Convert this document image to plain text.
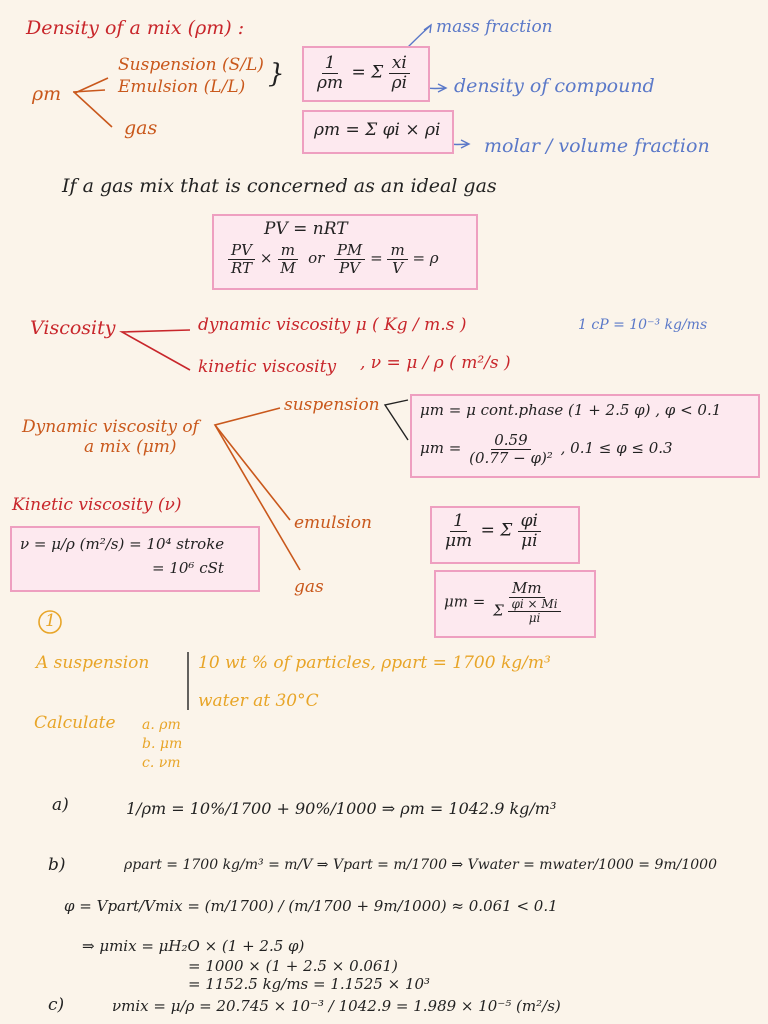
Density of a mix (ρm) :
ρm
Suspension (S/L)
Emulsion (L/L) }
gas
$\frac{1}{\rho m} = \Sigma \frac{xi}{\rho i}$
ρm = Σ φi × ρi
mass fraction
density of compound
molar / volume fraction
If a gas mix that is concerned as an ideal gas
PV = nRT
$\frac{PV}{RT} \times \frac{m}{M}$ or $\frac{PM}{PV} = \frac{m}{V} = \rho$
Viscosity	dynamic viscosity μ ( Kg / m.s )
kinetic viscosity , ν = μ / ρ ( m²/s )
1 cP = 10⁻³ kg/ms
Dynamic viscosity of
a mix (μm)
suspension	μm = μ cont.phase (1 + 2.5 φ) , φ < 0.1
$\mu m = \frac{0.59}{\text{(0.77 − φ)²}}$ , 0.1 ≤ φ ≤ 0.3
emulsion	$\frac{1}{\mu m} = \Sigma \frac{\varphi i}{\mu i}$
gas
$\mu m = \frac{Mm}{\Sigma \frac{\varphi i \times Mi}{\mu i}}$
Kinetic viscosity (ν)
ν = μ/ρ (m²/s) = 10⁴ stroke
= 10⁶ cSt
1
A suspension	10 wt % of particles, ρpart = 1700 kg/m³
water at 30°C
Calculate a. ρm
b. μm
c. νm
a)	1/ρm = 10%/1700 + 90%/1000 ⇒ ρm = 1042.9 kg/m³
b)	ρpart = 1700 kg/m³ = m/V ⇒ Vpart = m/1700 ⇒ Vwater = mwater/1000 = 9m/1000
φ = Vpart/Vmix = (m/1700) / (m/1700 + 9m/1000) ≈ 0.061 < 0.1
⇒ μmix = μH₂O × (1 + 2.5 φ)
= 1000 × (1 + 2.5 × 0.061)
= 1152.5 kg/ms = 1.1525 × 10³
c)	νmix = μ/ρ = 20.745 × 10⁻³ / 1042.9 = 1.989 × 10⁻⁵ (m²/s)
